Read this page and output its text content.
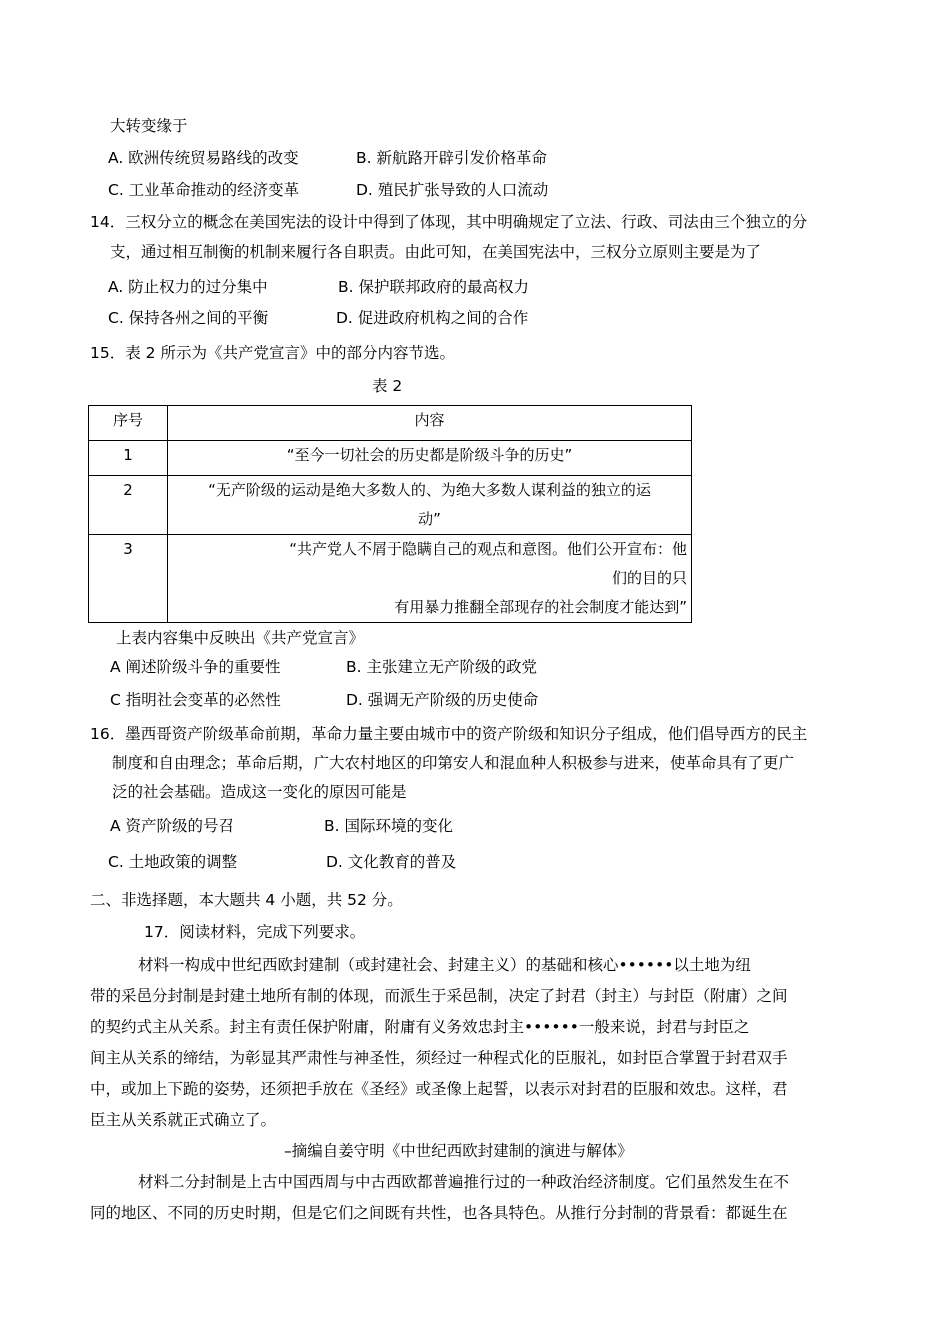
大转变缘于
A. 欧洲传统贸易路线的改变	B. 新航路开辟引发价格革命
C. 工业革命推动的经济变革	D. 殖民扩张导致的人口流动
14．三权分立的概念在美国宪法的设计中得到了体现，其中明确规定了立法、行政、司法由三个独立的分
支，通过相互制衡的机制来履行各自职责。由此可知，在美国宪法中，三权分立原则主要是为了
A. 防止权力的过分集中	B. 保护联邦政府的最高权力
C. 保持各州之间的平衡	D. 促进政府机构之间的合作
15．表 2 所示为《共产党宣言》中的部分内容节选。
表 2
序号	内容
1	“至今一切社会的历史都是阶级斗争的历史”
2	“无产阶级的运动是绝大多数人的、为绝大多数人谋利益的独立的运
动”

3	“共产党人不屑于隐瞒自己的观点和意图。他们公开宣布：他
们的目的只
有用暴力推翻全部现存的社会制度才能达到”
上表内容集中反映出《共产党宣言》
A 阐述阶级斗争的重要性	B. 主张建立无产阶级的政党
C 指明社会变革的必然性	D. 强调无产阶级的历史使命
16．墨西哥资产阶级革命前期，革命力量主要由城市中的资产阶级和知识分子组成，他们倡导西方的民主
制度和自由理念；革命后期，广大农村地区的印第安人和混血种人积极参与进来，使革命具有了更广
泛的社会基础。造成这一变化的原因可能是
A 资产阶级的号召	B. 国际环境的变化
C. 土地政策的调整	D. 文化教育的普及
二、非选择题，本大题共 4 小题，共 52 分。
17．阅读材料，完成下列要求。
材料一构成中世纪西欧封建制（或封建社会、封建主义）的基础和核心••••••以土地为纽
带的采邑分封制是封建土地所有制的体现，而派生于采邑制，决定了封君（封主）与封臣（附庸）之间
的契约式主从关系。封主有责任保护附庸，附庸有义务效忠封主••••••一般来说，封君与封臣之
间主从关系的缔结，为彰显其严肃性与神圣性，须经过一种程式化的臣服礼，如封臣合掌置于封君双手
中，或加上下跪的姿势，还须把手放在《圣经》或圣像上起誓，以表示对封君的臣服和效忠。这样，君
臣主从关系就正式确立了。
–摘编自姜守明《中世纪西欧封建制的演进与解体》
材料二分封制是上古中国西周与中古西欧都普遍推行过的一种政治经济制度。它们虽然发生在不
同的地区、不同的历史时期，但是它们之间既有共性，也各具特色。从推行分封制的背景看：都诞生在
